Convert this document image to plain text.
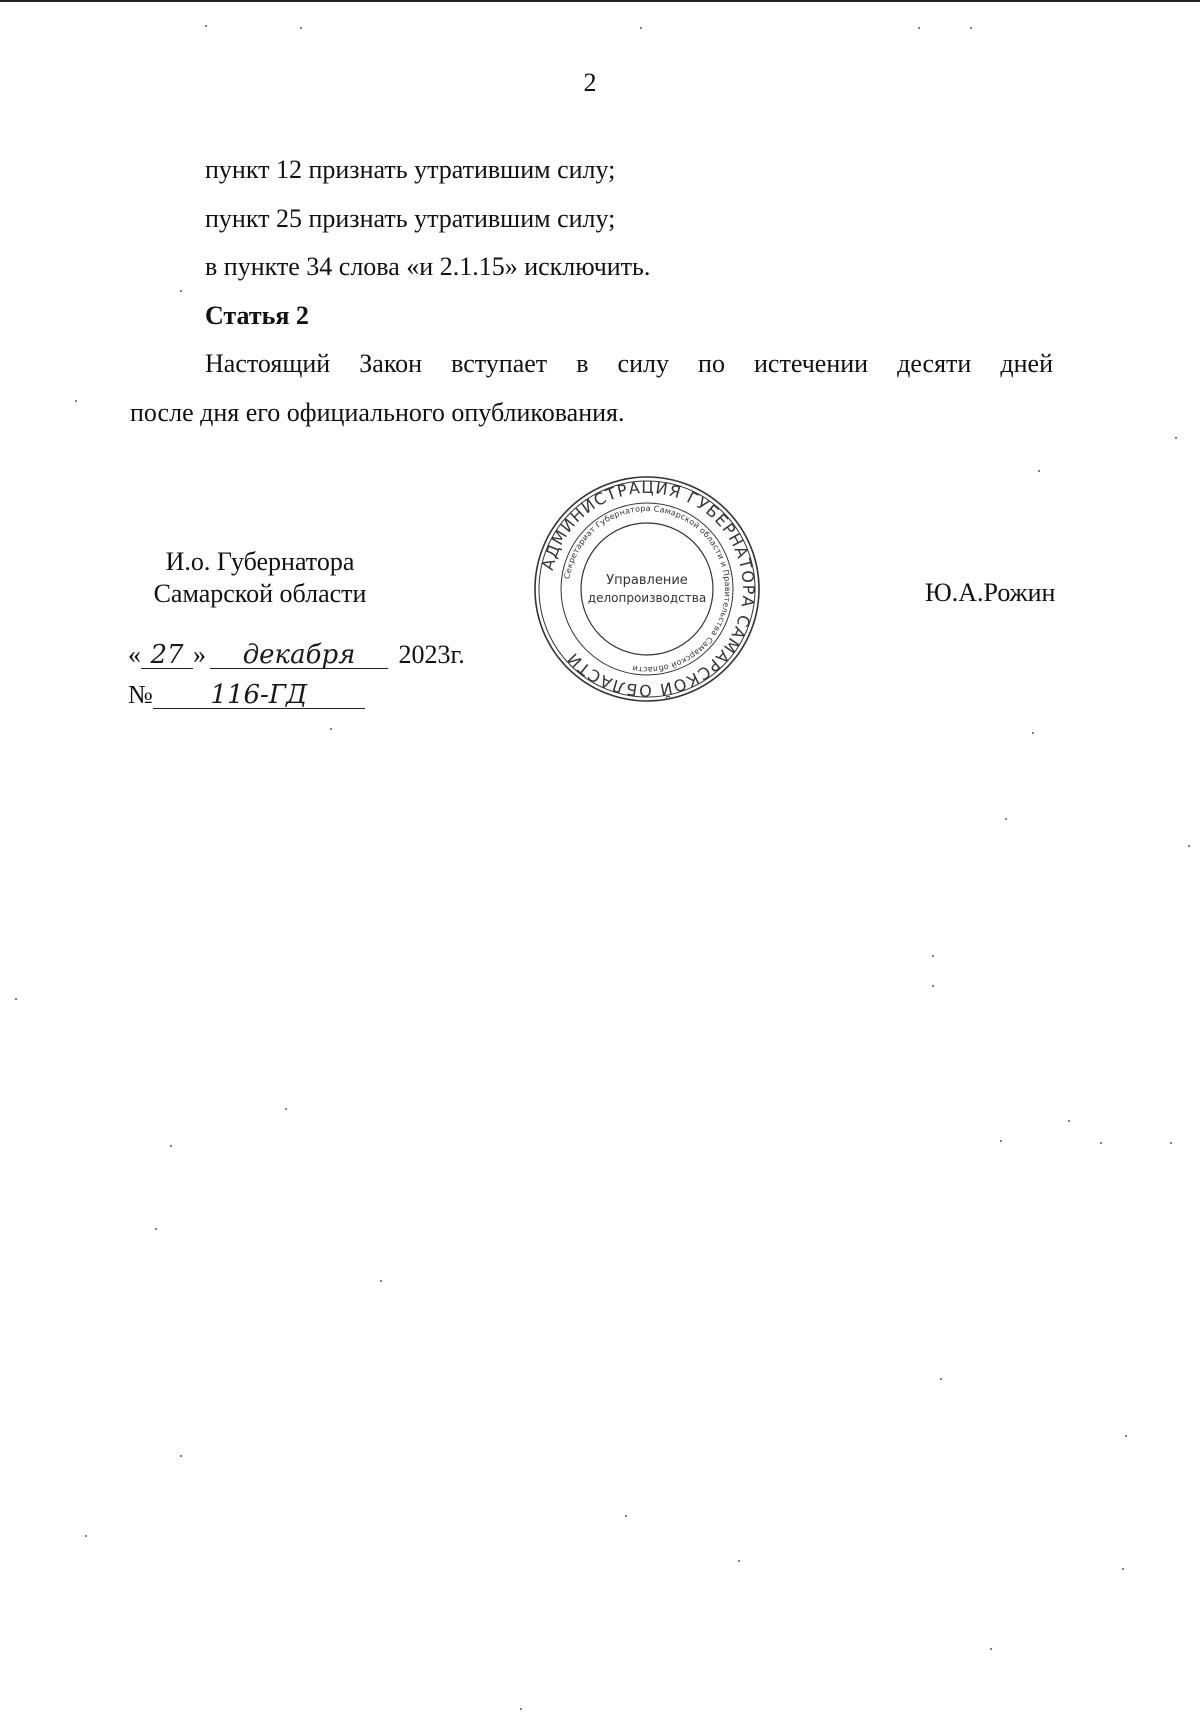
2
пункт 12 признать утратившим силу;
пункт 25 признать утратившим силу;
в пункте 34 слова «и 2.1.15» исключить.
Статья 2
Настоящий Закон вступает в силу по истечении десяти дней
после дня его официального опубликования.
И.о. Губернатора
Самарской области
АДМИНИСТРАЦИЯ ГУБЕРНАТОРА САМАРСКОЙ ОБЛАСТИ
Секретариат Губернатора Самарской области и Правительства Самарской области
Управление
делопроизводства	Ю.А.Рожин
« 27 » декабря 2023г.
№ 116-ГД
